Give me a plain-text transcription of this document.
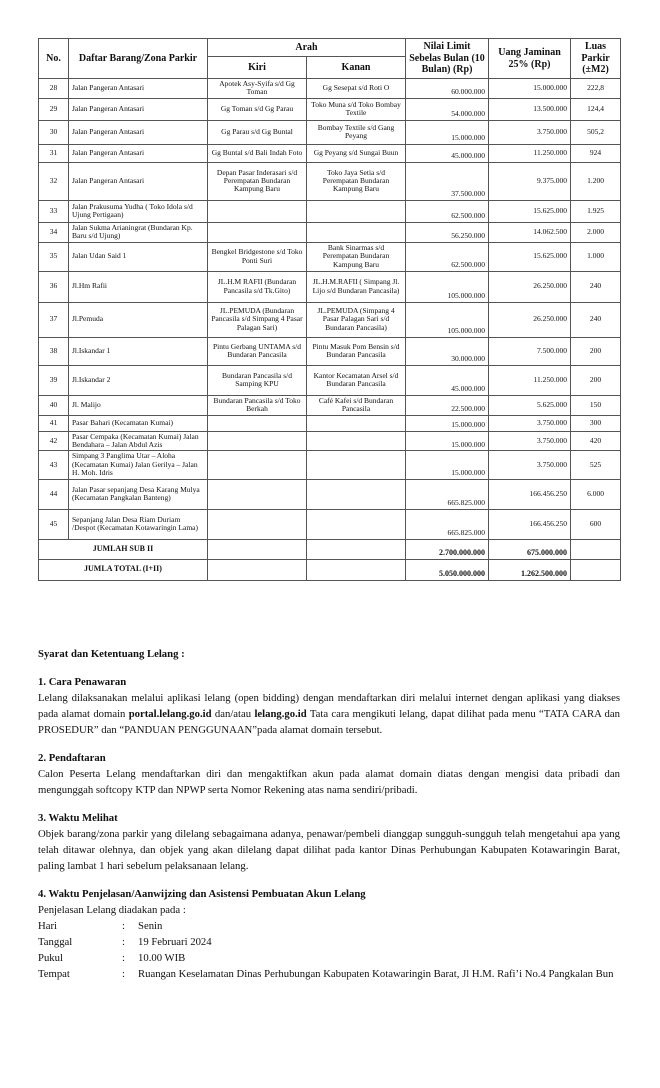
No.	Daftar Barang/Zona Parkir	Arah		Nilai Limit Sebelas Bulan (10 Bulan) (Rp)	Uang Jaminan 25% (Rp)	Luas Parkir (±M2)
		Kiri	Kanan			
28	Jalan Pangeran Antasari	Apotek Asy-Syifa s/d Gg Toman	Gg Sesepat s/d Roti O	60.000.000	15.000.000	222,8
29	Jalan Pangeran Antasari	Gg Toman s/d Gg Parau	Toko Muna s/d Toko Bombay Textile	54.000.000	13.500.000	124,4
30	Jalan Pangeran Antasari	Gg Parau s/d Gg Buntal	Bombay Textile s/d Gang Peyang	15.000.000	3.750.000	505,2
31	Jalan Pangeran Antasari	Gg Buntal s/d Bali Indah Foto	Gg Peyang s/d Sungai Buun	45.000.000	11.250.000	924
32	Jalan Pangeran Antasari	Depan Pasar Inderasari s/d Perempatan Bundaran Kampung Baru	Toko Jaya Setia s/d Perempatan Bundaran Kampung Baru	37.500.000	9.375.000	1.200
33	Jalan Prakusuma Yudha ( Toko Idola s/d Ujung Pertigaan)			62.500.000	15.625.000	1.925
34	Jalan Sukma Aria​ningrat (Bundaran Kp. Baru s/d Ujung)			56.250.000	14.062.500	2.000
35	Jalan Udan Said 1	Bengkel Bridgestone s/d Toko Ponti Suri	Bank Sinarmas s/d Perempatan Bundaran Kampung Baru	62.500.000	15.625.000	1.000
36	Jl.Hm Rafii	JL.H.M RAFII (Bundaran Pancasila s/d Tk.Gito)	JL.H.M.RAFII ( Simpang Jl. Lijo s/d Bundaran Pancasila)	105.000.000	26.250.000	240
37	Jl.Pemuda	JL.PEMUDA (Bundaran Pancasila s/d Simpang 4 Pasar Palagan Sari)	JL.PEMUDA (Simpang 4 Pasar Palagan Sari s/d Bundaran Pancasila)	105.000.000	26.250.000	240
38	Jl.Iskandar 1	Pintu Gerbang UNTAMA s/d Bundaran Pancasila	Pintu Masuk Pom Bensin s/d Bundaran Pancasila	30.000.000	7.500.000	200
39	Jl.Iskandar 2	Bundaran Pancasila s/d Samping KPU	Kantor Kecamatan Arsel s/d Bundaran Pancasila	45.000.000	11.250.000	200
40	Jl. Malijo	Bundaran Pancasila s/d Toko Berkah	Café Kafei s/d Bundaran Pancasila	22.500.000	5.625.000	150
41	Pasar Bahari (Kecamatan Kumai)			15.000.000	3.750.000	300
42	Pasar Cempaka (Kecamatan Kumai) Jalan Bendahara – Jalan Abdul Azis			15.000.000	3.750.000	420
43	Simpang 3 Panglima Utar – Aloha (Kecamatan Kumai) Jalan Gerilya – Jalan H. Moh. Idris			15.000.000	3.750.000	525
44	Jalan Pasar sepanjang Desa Karang Mulya (Kecamatan Pangkalan Banteng)			665.825.000	166.456.250	6.000
45	Sepanjang Jalan Desa Riam Duriam /Despot (Kecamatan Kotawaringin Lama)			665.825.000	166.456.250	600
JUMLAH SUB II				2.700.000.000	675.000.000	
JUMLA TOTAL (I+II)				5.050.000.000	1.262.500.000	
Syarat dan Ketentuang Lelang :
1. Cara Penawaran

Lelang dilaksanakan melalui aplikasi lelang (open bidding) dengan mendaftarkan diri melalui internet dengan aplikasi yang diakses pada alamat domain portal.lelang.go.id dan/atau lelang.go.id Tata cara mengikuti lelang, dapat dilihat pada menu “TATA CARA dan PROSEDUR” dan “PANDUAN PENGGUNAAN”pada alamat domain tersebut.

2. Pendaftaran

Calon Peserta Lelang mendaftarkan diri dan mengaktifkan akun pada alamat domain diatas dengan mengisi data pribadi dan mengunggah softcopy KTP dan NPWP serta Nomor Rekening atas nama sendiri/pribadi.

3. Waktu Melihat

Objek barang/zona parkir yang dilelang sebagaimana adanya, penawar/pembeli dianggap sungguh-sungguh telah mengetahui apa yang telah ditawar olehnya, dan objek yang akan dilelang dapat dilihat pada kantor Dinas Perhubungan Kabupaten Kotawaringin Barat, paling lambat 1 hari sebelum pelaksanaan lelang.

4. Waktu Penjelasan/Aanwijzing dan Asistensi Pembuatan Akun Lelang

Penjelasan Lelang diadakan pada :

Hari	:	Senin
Tanggal	:	19 Februari 2024
Pukul	:	10.00 WIB
Tempat	:	Ruangan Keselamatan Dinas Perhubungan Kabupaten Kotawaringin Barat, Jl H.M. Rafi’i No.4 Pangkalan Bun
